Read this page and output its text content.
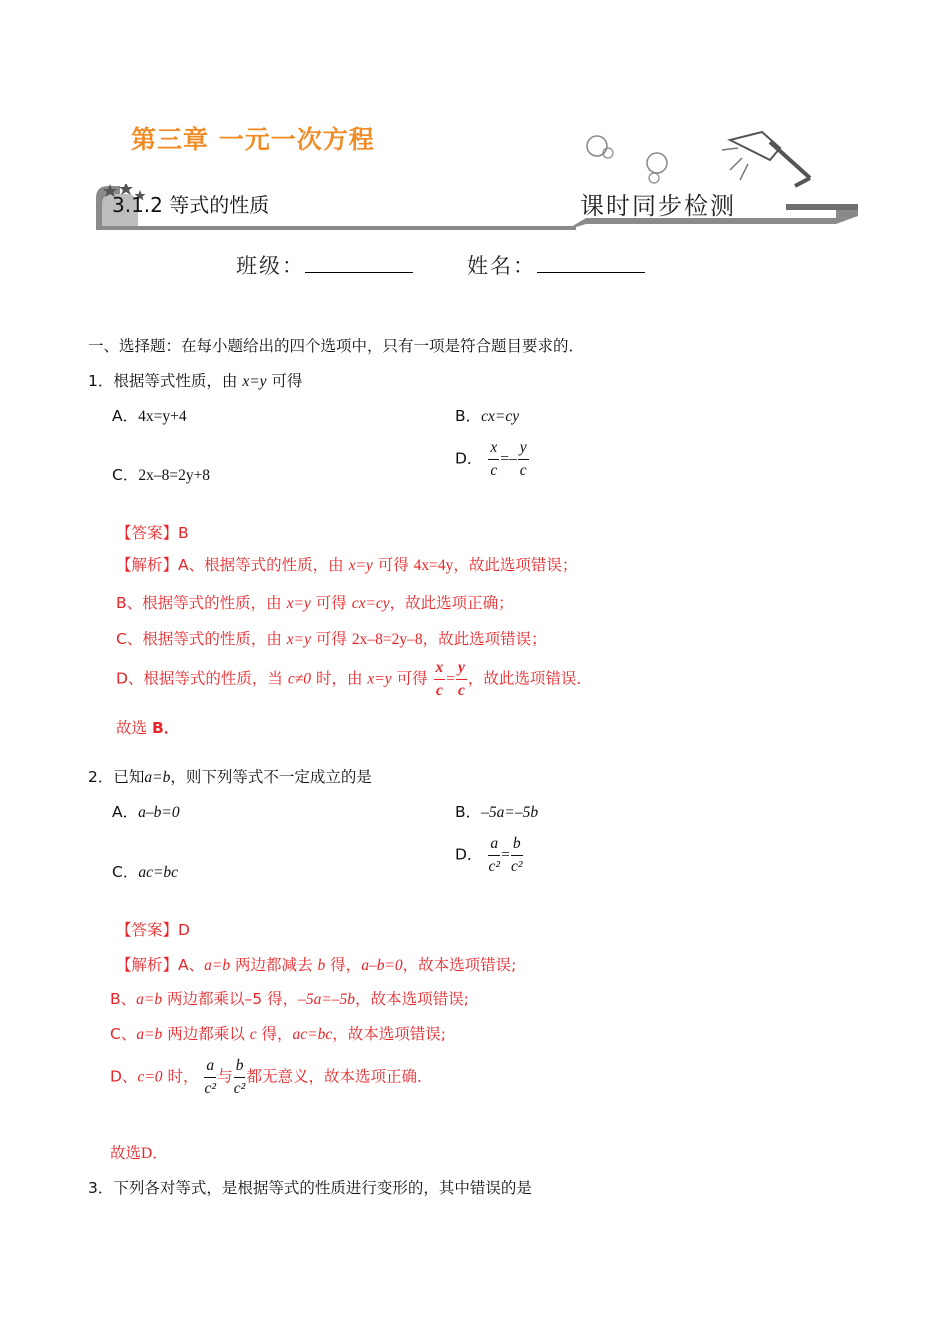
第三章 一元一次方程
3.1.2 等式的性质	课时同步检测
班级：	姓名：
一、选择题：在每小题给出的四个选项中，只有一项是符合题目要求的．
1．根据等式性质，由 x=y 可得
A．4x=y+4	B．cx=cy
C．2x–8=2y+8
D． $\frac{x}{c} =- \frac{y}{c}$
【答案】B
【解析】A、根据等式的性质，由 x=y 可得 4x=4y，故此选项错误；
B、根据等式的性质，由 x=y 可得 cx=cy，故此选项正确；
C、根据等式的性质，由 x=y 可得 2x–8=2y–8，故此选项错误；
D、根据等式的性质，当 c≠0 时，由 x=y 可得 $\frac{x}{c} = \frac{y}{c}$ ，故此选项错误．
故选 B．
2．已知a=b，则下列等式不一定成立的是
A．a–b=0	B．–5a=–5b
C．ac=bc
D． $\frac{a}{\text{c²}} = \frac{b}{\text{c²}}$
【答案】D
【解析】A、a=b 两边都减去 b 得，a–b=0，故本选项错误;
B、a=b 两边都乘以–5 得，–5a=–5b，故本选项错误;
C、a=b 两边都乘以 c 得，ac=bc，故本选项错误;
D、c=0 时， $\frac{a}{\text{c²}}$ 与 $\frac{b}{\text{c²}}$ 都无意义，故本选项正确．
故选D．
3．下列各对等式，是根据等式的性质进行变形的，其中错误的是
